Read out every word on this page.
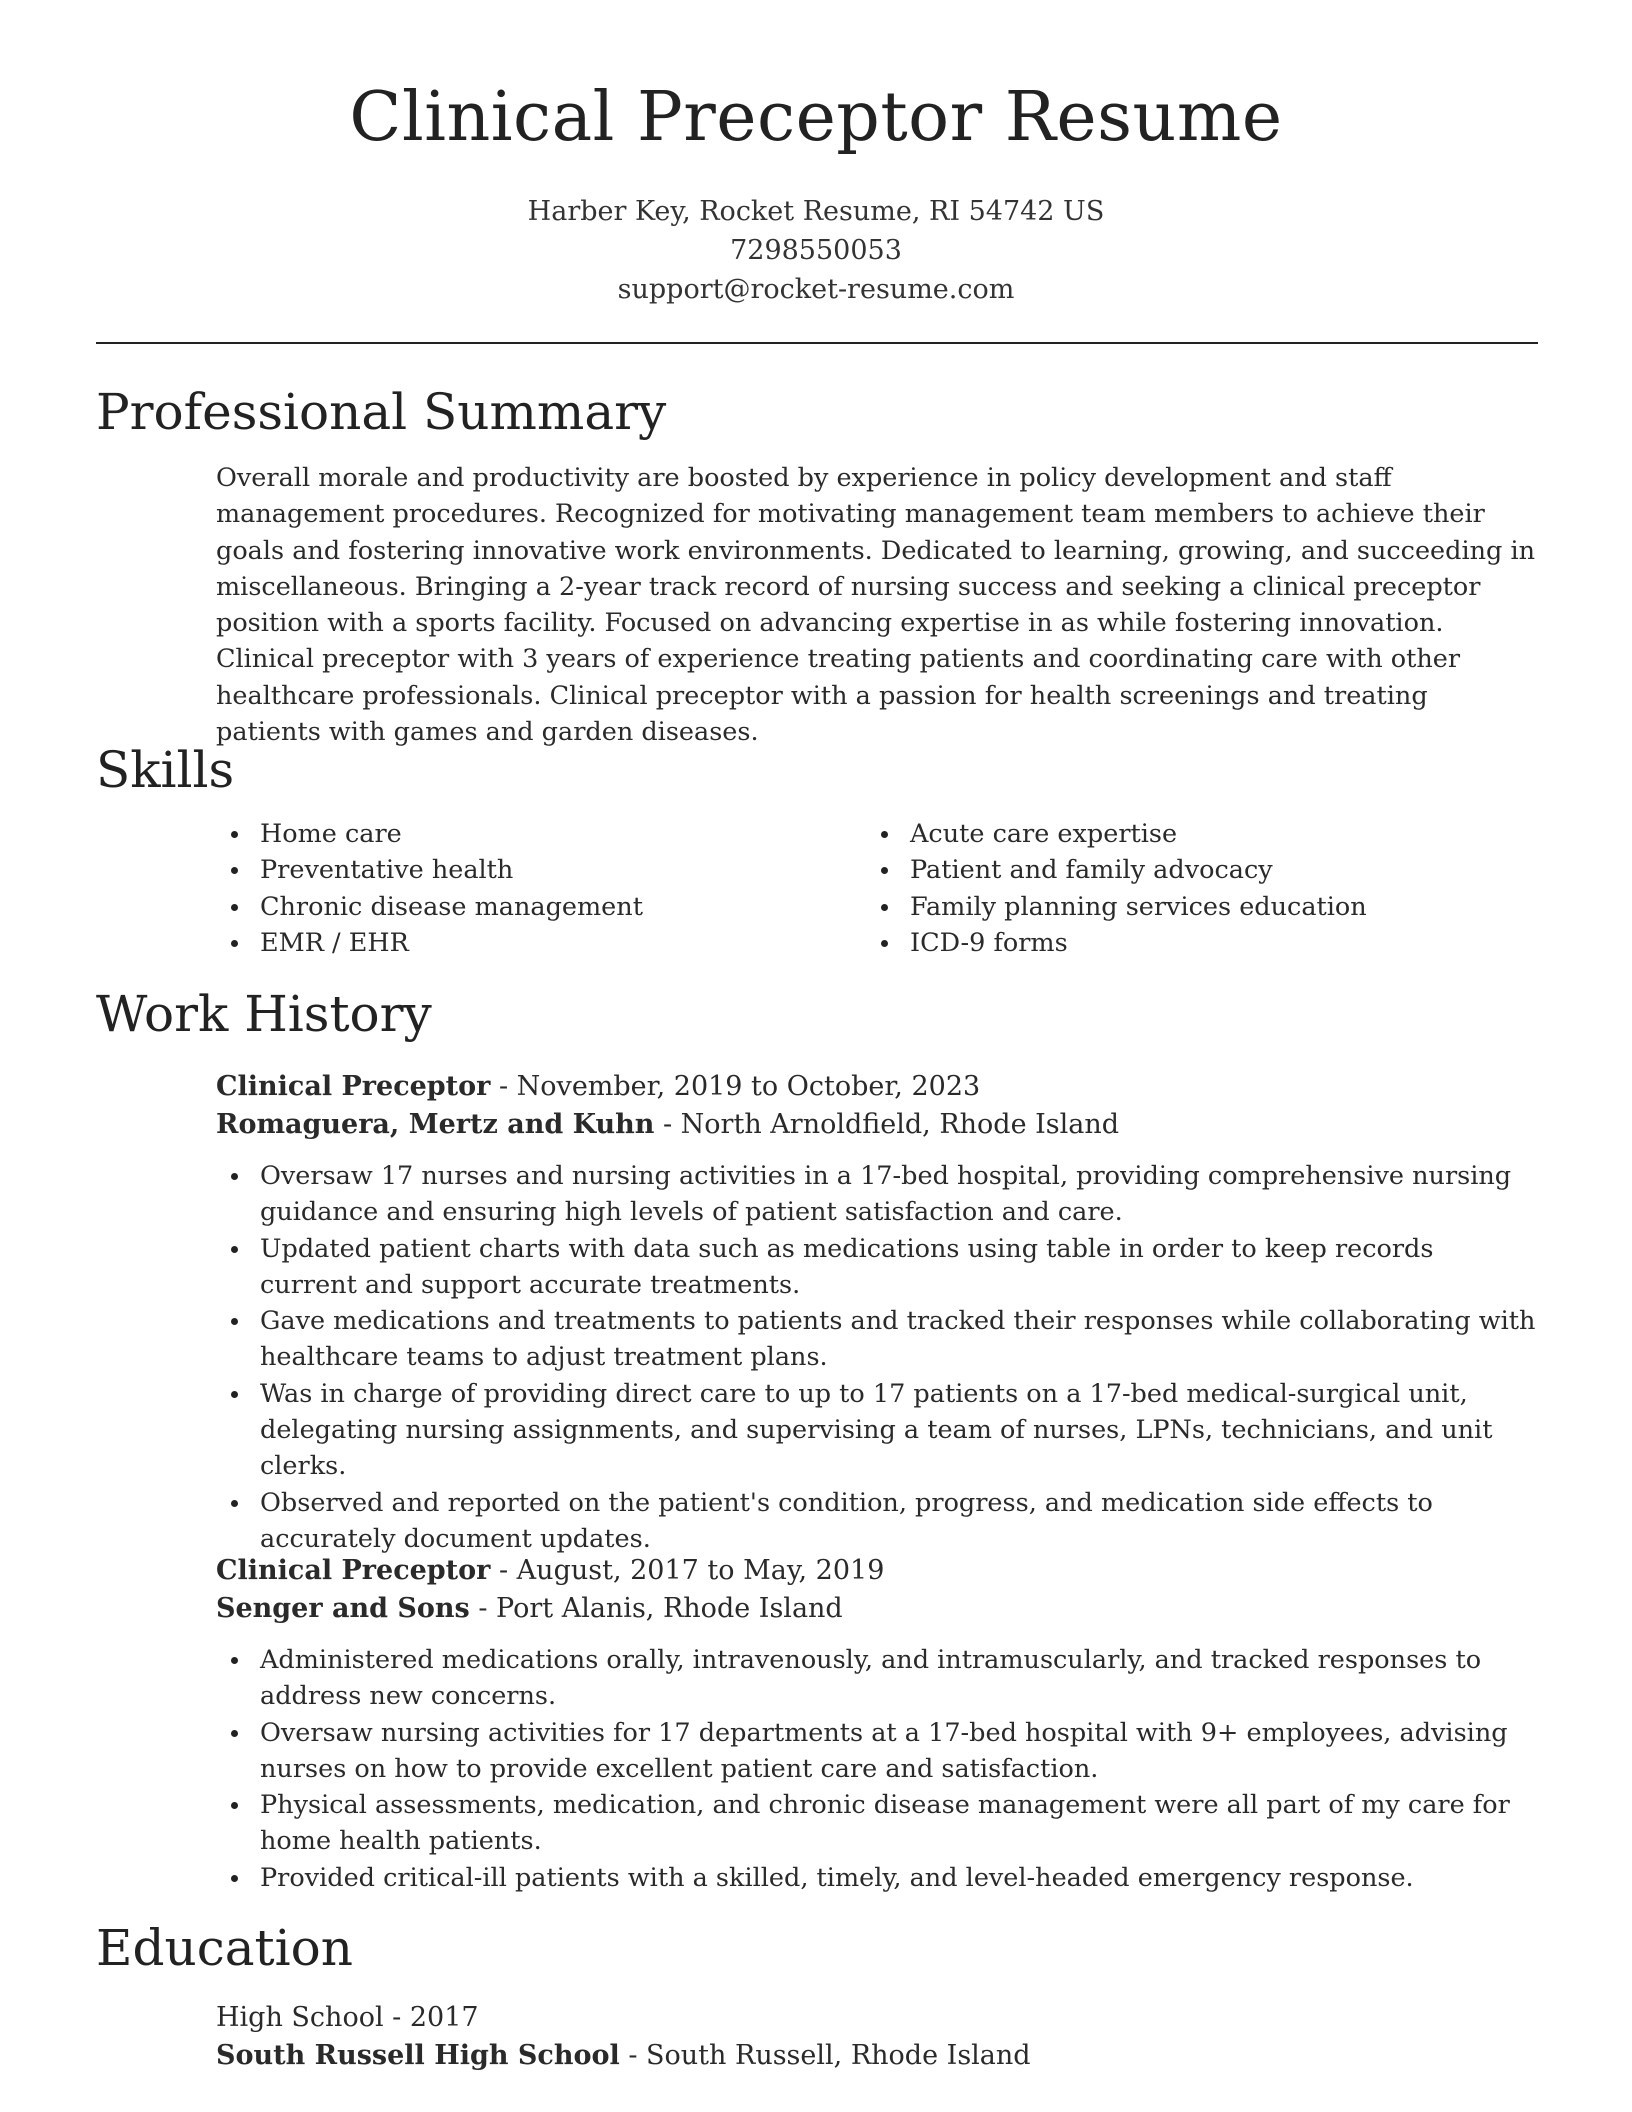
Clinical Preceptor Resume
Harber Key, Rocket Resume, RI 54742 US
7298550053
support@rocket-resume.com
Professional Summary

Overall morale and productivity are boosted by experience in policy development and staff management procedures. Recognized for motivating management team members to achieve their goals and fostering innovative work environments. Dedicated to learning, growing, and succeeding in miscellaneous. Bringing a 2-year track record of nursing success and seeking a clinical preceptor position with a sports facility. Focused on advancing expertise in as while fostering innovation. Clinical preceptor with 3 years of experience treating patients and coordinating care with other healthcare professionals. Clinical preceptor with a passion for health screenings and treating patients with games and garden diseases.

Skills
Home care
Preventative health
Chronic disease management
EMR / EHR
Acute care expertise
Patient and family advocacy
Family planning services education
ICD-9 forms
Work History
Clinical Preceptor - November, 2019 to October, 2023
Romaguera, Mertz and Kuhn - North Arnoldfield, Rhode Island
Oversaw 17 nurses and nursing activities in a 17-bed hospital, providing comprehensive nursing guidance and ensuring high levels of patient satisfaction and care.
Updated patient charts with data such as medications using table in order to keep records current and support accurate treatments.
Gave medications and treatments to patients and tracked their responses while collaborating with healthcare teams to adjust treatment plans.
Was in charge of providing direct care to up to 17 patients on a 17-bed medical-surgical unit, delegating nursing assignments, and supervising a team of nurses, LPNs, technicians, and unit clerks.
Observed and reported on the patient's condition, progress, and medication side effects to accurately document updates.
Clinical Preceptor - August, 2017 to May, 2019
Senger and Sons - Port Alanis, Rhode Island
Administered medications orally, intravenously, and intramuscularly, and tracked responses to address new concerns.
Oversaw nursing activities for 17 departments at a 17-bed hospital with 9+ employees, advising nurses on how to provide excellent patient care and satisfaction.
Physical assessments, medication, and chronic disease management were all part of my care for home health patients.
Provided critical-ill patients with a skilled, timely, and level-headed emergency response.
Education
High School - 2017
South Russell High School - South Russell, Rhode Island
